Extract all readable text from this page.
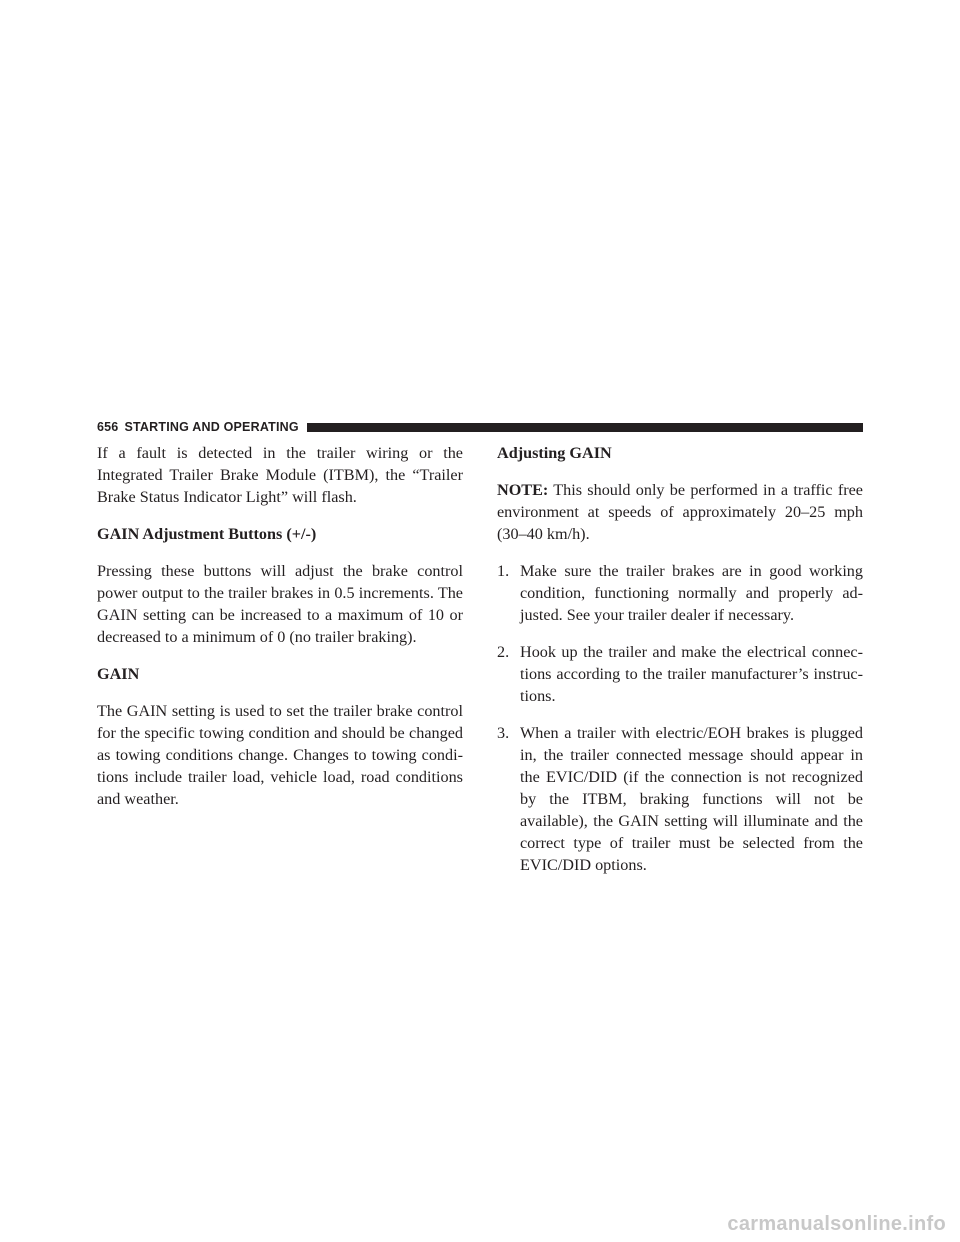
656 STARTING AND OPERATING

If a fault is detected in the trailer wiring or the Integrated Trailer Brake Module (ITBM), the “Trailer Brake Status Indicator Light” will flash.

GAIN Adjustment Buttons (+/-)

Pressing these buttons will adjust the brake control power output to the trailer brakes in 0.5 increments. The GAIN setting can be increased to a maximum of 10 or decreased to a minimum of 0 (no trailer braking).

GAIN

The GAIN setting is used to set the trailer brake control for the specific towing condition and should be changed as towing conditions change. Changes to towing condi-tions include trailer load, vehicle load, road conditions and weather.

Adjusting GAIN

NOTE: This should only be performed in a traffic free environment at speeds of approximately 20–25 mph (30–40 km/h).

1. Make sure the trailer brakes are in good working condition, functioning normally and properly ad-justed. See your trailer dealer if necessary.
2. Hook up the trailer and make the electrical connec-tions according to the trailer manufacturer’s instruc-tions.
3. When a trailer with electric/EOH brakes is plugged in, the trailer connected message should appear in the EVIC/DID (if the connection is not recognized by the ITBM, braking functions will not be available), the GAIN setting will illuminate and the correct type of trailer must be selected from the EVIC/DID options.
carmanualsonline.info
